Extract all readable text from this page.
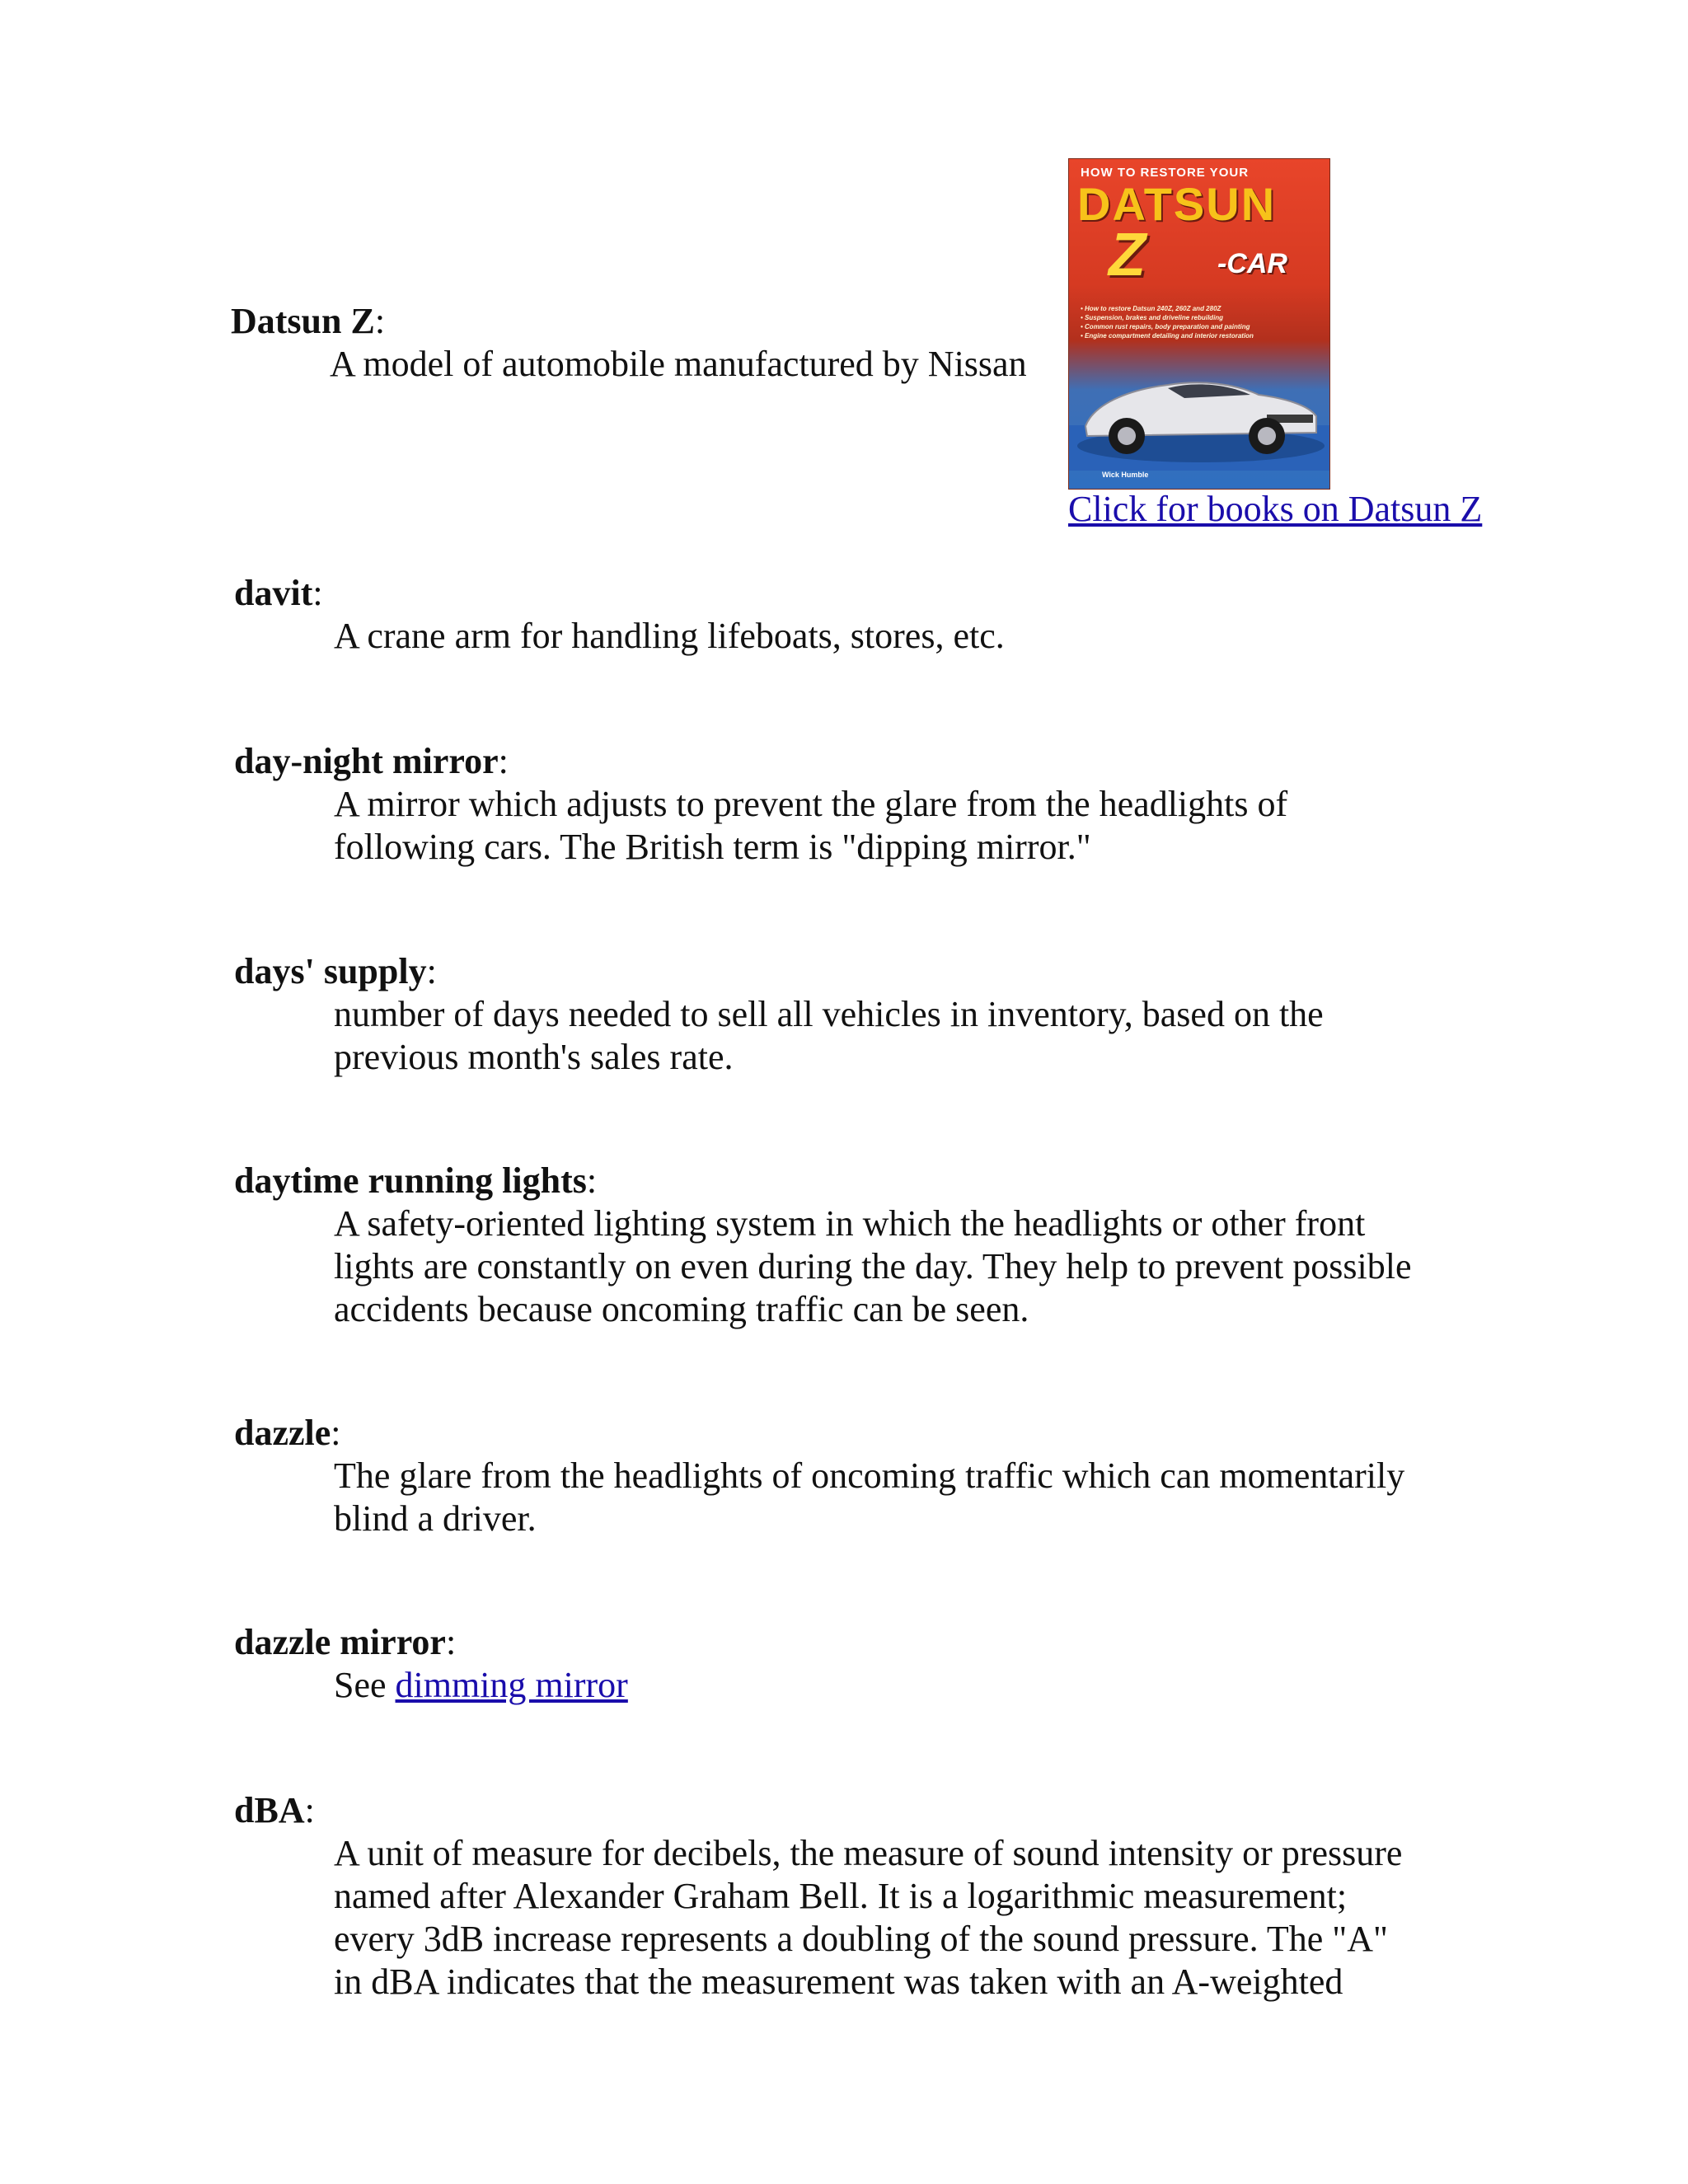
Datsun Z:
A model of automobile manufactured by Nissan
HOW TO RESTORE YOUR
DATSUN
Z	-CAR
• How to restore Datsun 240Z, 260Z and 280Z
• Suspension, brakes and driveline rebuilding
• Common rust repairs, body preparation and painting
• Engine compartment detailing and interior restoration
Wick Humble
Click for books on Datsun Z
davit:
A crane arm for handling lifeboats, stores, etc.
day-night mirror:
A mirror which adjusts to prevent the glare from the headlights of
following cars. The British term is "dipping mirror."
days' supply:
number of days needed to sell all vehicles in inventory, based on the
previous month's sales rate.
daytime running lights:
A safety-oriented lighting system in which the headlights or other front
lights are constantly on even during the day. They help to prevent possible
accidents because oncoming traffic can be seen.
dazzle:
The glare from the headlights of oncoming traffic which can momentarily
blind a driver.
dazzle mirror:
See dimming mirror
dBA:
A unit of measure for decibels, the measure of sound intensity or pressure
named after Alexander Graham Bell. It is a logarithmic measurement;
every 3dB increase represents a doubling of the sound pressure. The "A"
in dBA indicates that the measurement was taken with an A-weighted
